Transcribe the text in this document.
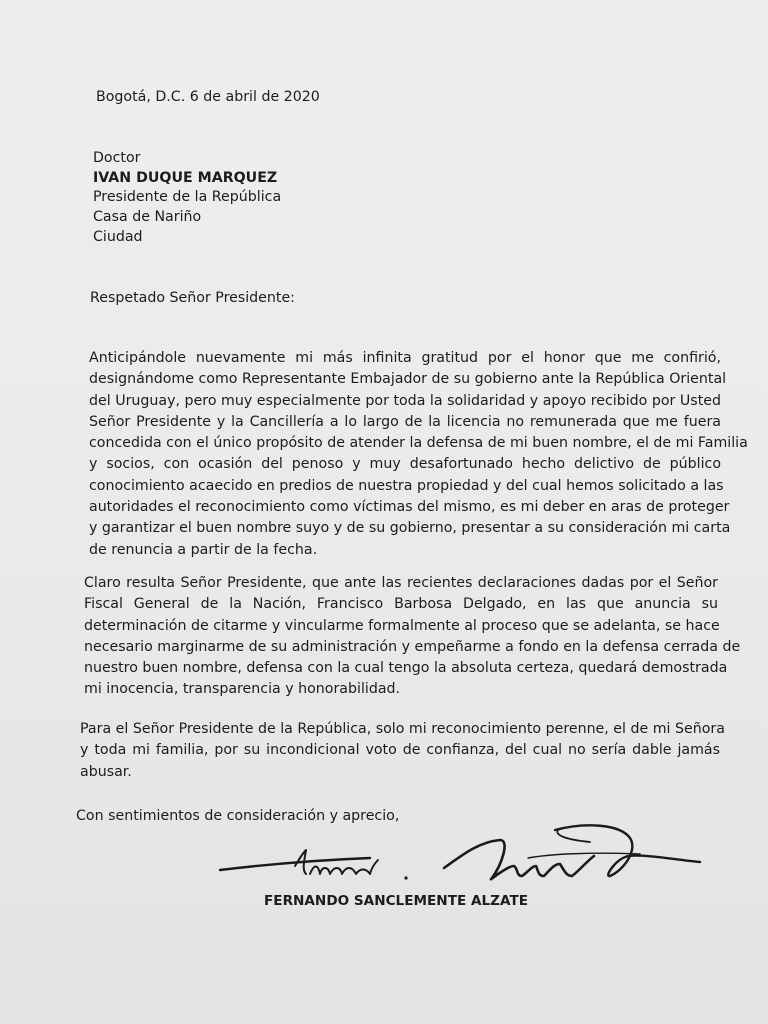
Bogotá, D.C. 6 de abril de 2020
Doctor
IVAN DUQUE MARQUEZ
Presidente de la República
Casa de Nariño
Ciudad
Respetado Señor Presidente:
Anticipándole nuevamente mi más infinita gratitud por el honor que me confirió,
designándome como Representante Embajador de su gobierno ante la República Oriental
del Uruguay, pero muy especialmente por toda la solidaridad y apoyo recibido por Usted
Señor Presidente y la Cancillería a lo largo de la licencia no remunerada que me fuera
concedida con el único propósito de atender la defensa de mi buen nombre, el de mi Familia
y socios, con ocasión del penoso y muy desafortunado hecho delictivo de público
conocimiento acaecido en predios de nuestra propiedad y del cual hemos solicitado a las
autoridades el reconocimiento como víctimas del mismo, es mi deber en aras de proteger
y garantizar el buen nombre suyo y de su gobierno, presentar a su consideración mi carta
de renuncia a partir de la fecha.
Claro resulta Señor Presidente, que ante las recientes declaraciones dadas por el Señor
Fiscal General de la Nación, Francisco Barbosa Delgado, en las que anuncia su
determinación de citarme y vincularme formalmente al proceso que se adelanta, se hace
necesario marginarme de su administración y empeñarme a fondo en la defensa cerrada de
nuestro buen nombre, defensa con la cual tengo la absoluta certeza, quedará demostrada
mi inocencia, transparencia y honorabilidad.
Para el Señor Presidente de la República, solo mi reconocimiento perenne, el de mi Señora
y toda mi familia, por su incondicional voto de confianza, del cual no sería dable jamás
abusar.
Con sentimientos de consideración y aprecio,
FERNANDO SANCLEMENTE ALZATE
